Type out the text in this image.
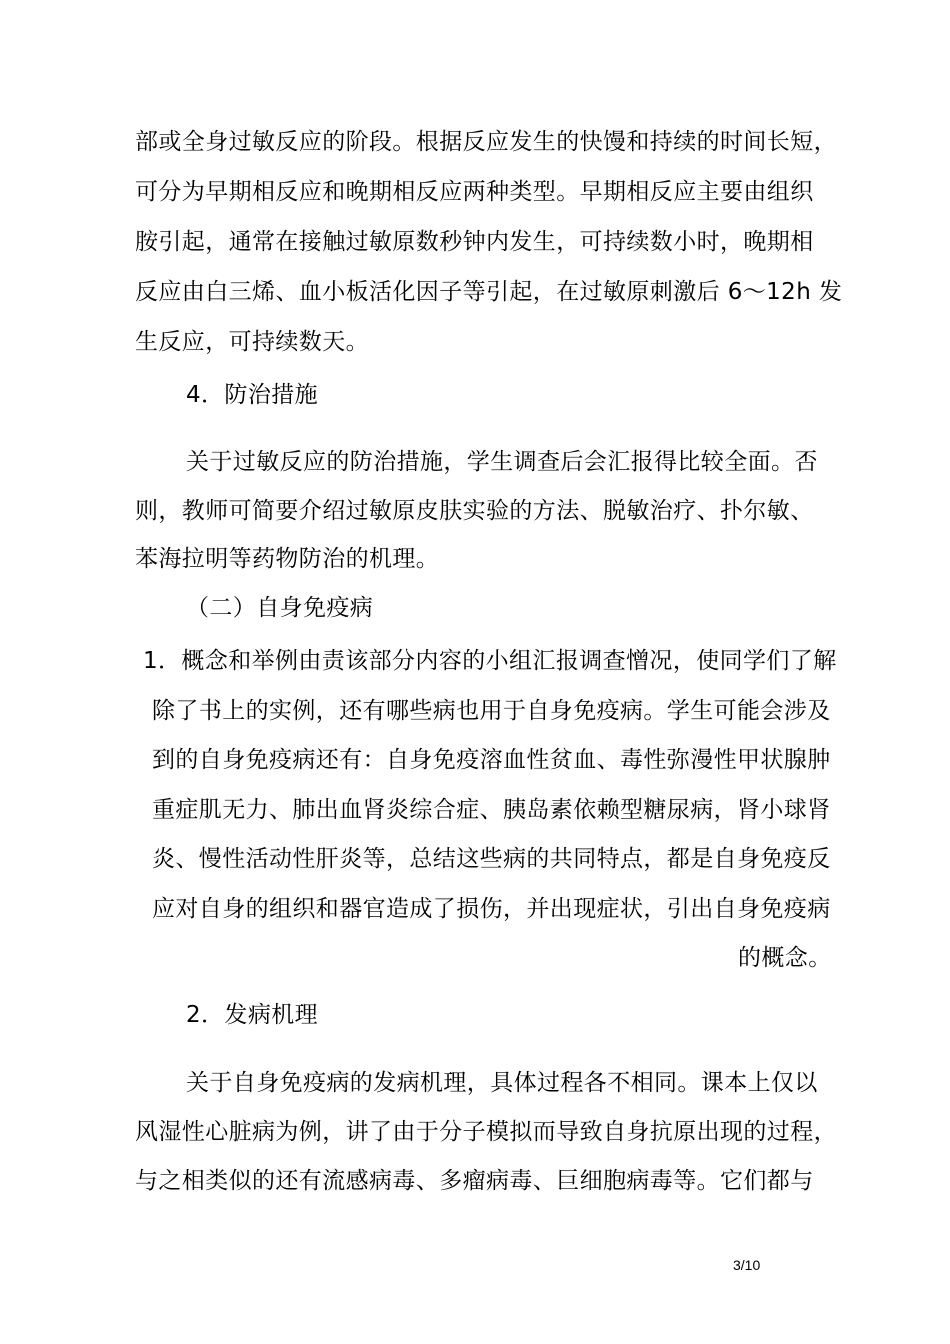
部或全身过敏反应的阶段。根据反应发生的快馒和持续的时间长短，
可分为早期相反应和晚期相反应两种类型。早期相反应主要由组织
胺引起，通常在接触过敏原数秒钟内发生，可持续数小时，晚期相
反应由白三烯、血小板活化因子等引起，在过敏原刺激后 6〜12h 发
生反应，可持续数天。
4．防治措施
关于过敏反应的防治措施，学生调查后会汇报得比较全面。否
则，教师可简要介绍过敏原皮肤实验的方法、脱敏治疗、扑尔敏、
苯海拉明等药物防治的机理。
（二）自身免疫病
1．概念和举例由责该部分内容的小组汇报调查憎况，使同学们了解
除了书上的实例，还有哪些病也用于自身免疫病。学生可能会涉及
到的自身免疫病还有：自身免疫溶血性贫血、毒性弥漫性甲状腺肿
重症肌无力、肺出血肾炎综合症、胰岛素依赖型糖尿病，肾小球肾
炎、慢性活动性肝炎等，总结这些病的共同特点，都是自身免疫反
应对自身的组织和器官造成了损伤，并出现症状，引出自身免疫病
的概念。
2．发病机理
关于自身免疫病的发病机理，具体过程各不相同。课本上仅以
风湿性心脏病为例，讲了由于分子模拟而导致自身抗原出现的过程，
与之相类似的还有流感病毒、多瘤病毒、巨细胞病毒等。它们都与
3/10
